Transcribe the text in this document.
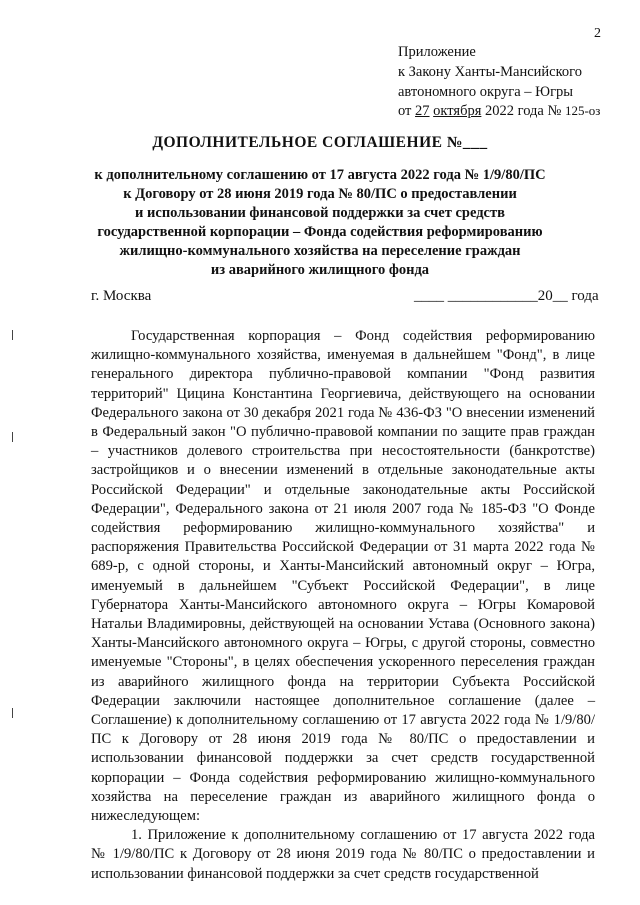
2
Приложение
к Закону Ханты-Мансийского
автономного округа – Югры
от 27 октября 2022 года № 125-оз
ДОПОЛНИТЕЛЬНОЕ СОГЛАШЕНИЕ №___
к дополнительному соглашению от 17 августа 2022 года № 1/9/80/ПС
к Договору от 28 июня 2019 года № 80/ПС о предоставлении
и использовании финансовой поддержки за счет средств
государственной корпорации – Фонда содействия реформированию
жилищно-коммунального хозяйства на переселение граждан
из аварийного жилищного фонда
г. Москва	____ ____________20__ года

Государственная корпорация – Фонд содействия реформированию жилищно-коммунального хозяйства, именуемая в дальнейшем "Фонд", в лице генерального директора публично-правовой компании "Фонд развития территорий" Цицина Константина Георгиевича, действующего на основании Федерального закона от 30 декабря 2021 года № 436-ФЗ "О внесении изменений в Федеральный закон "О публично-правовой компании по защите прав граждан – участников долевого строительства при несостоятельности (банкротстве) застройщиков и о внесении изменений в отдельные законодательные акты Российской Федерации" и отдельные законодательные акты Российской Федерации", Федерального закона от 21 июля 2007 года № 185-ФЗ "О Фонде содействия реформированию жилищно-коммунального хозяйства" и распоряжения Правительства Российской Федерации от 31 марта 2022 года № 689-р, с одной стороны, и Ханты-Мансийский автономный округ – Югра, именуемый в дальнейшем "Субъект Российской Федерации", в лице Губернатора Ханты-Мансийского автономного округа – Югры Комаровой Натальи Владимировны, действующей на основании Устава (Основного закона) Ханты-Мансийского автономного округа – Югры, с другой стороны, совместно именуемые "Стороны", в целях обеспечения ускоренного переселения граждан из аварийного жилищного фонда на территории Субъекта Российской Федерации заключили настоящее дополнительное соглашение (далее – Соглашение) к дополнительному соглашению от 17 августа 2022 года № 1/9/80/ПС к Договору от 28 июня 2019 года № 80/ПС о предоставлении и использовании финансовой поддержки за счет средств государственной корпорации – Фонда содействия реформированию жилищно-коммунального хозяйства на переселение граждан из аварийного жилищного фонда о нижеследующем:

1. Приложение к дополнительному соглашению от 17 августа 2022 года № 1/9/80/ПС к Договору от 28 июня 2019 года № 80/ПС о предоставлении и использовании финансовой поддержки за счет средств государственной
